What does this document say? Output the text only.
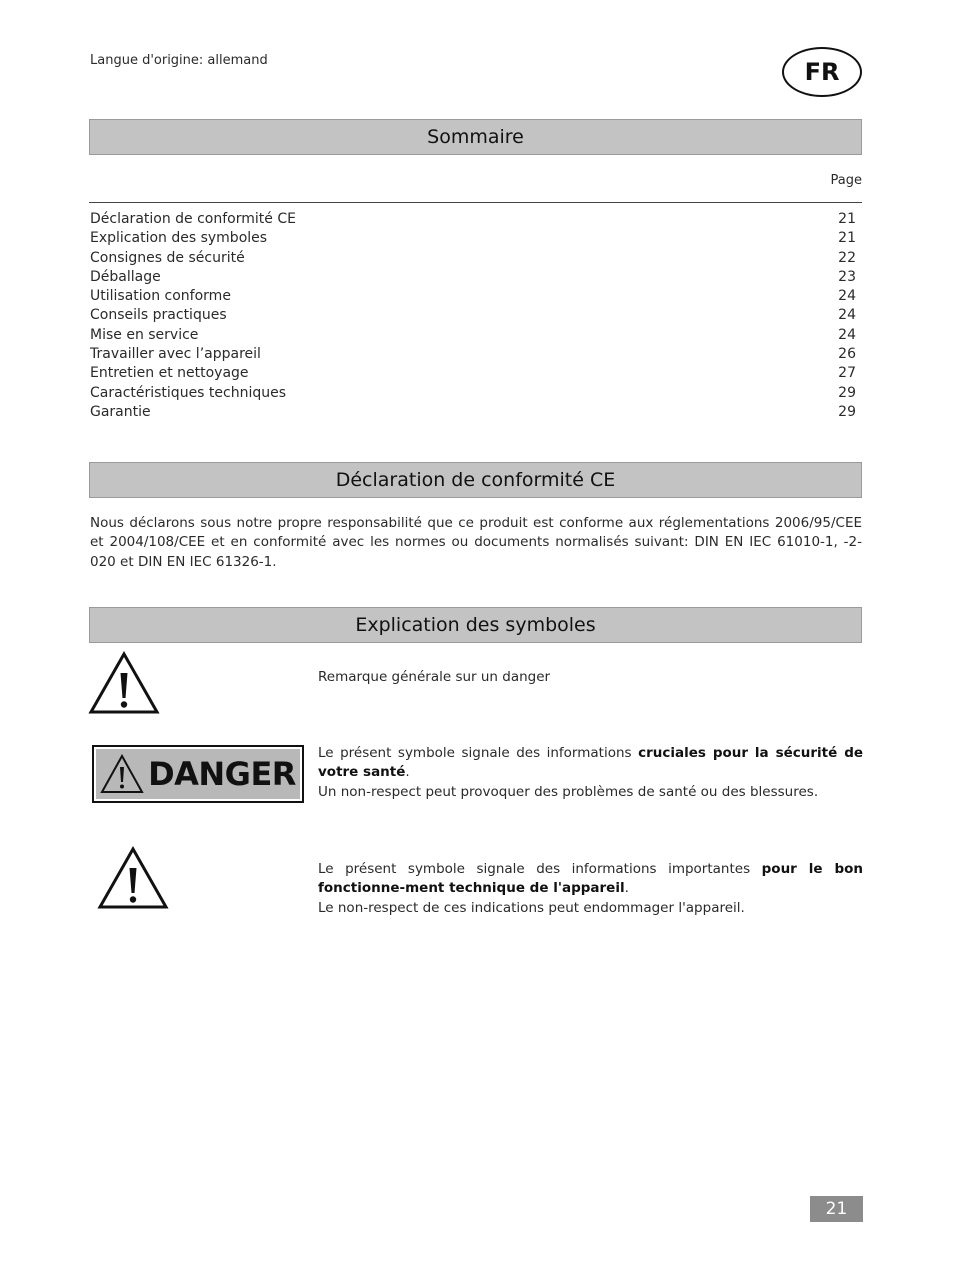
Langue d'origine: allemand	FR
Sommaire
Page
Déclaration de conformité CE	21
Explication des symboles	21
Consignes de sécurité	22
Déballage	23
Utilisation conforme	24
Conseils practiques	24
Mise en service	24
Travailler avec l’appareil	26
Entretien et nettoyage	27
Caractéristiques techniques	29
Garantie	29
Déclaration de conformité CE
Nous déclarons sous notre propre responsabilité que ce produit est conforme aux réglementations 2006/95/CEE et 2004/108/CEE et en conformité avec les normes ou documents normalisés suivant: DIN EN IEC 61010-1, -2-020 et DIN EN IEC 61326-1.
Explication des symboles
Remarque générale sur un danger
DANGER
Le présent symbole signale des informations cruciales pour la sécurité de votre santé.
Un non-respect peut provoquer des problèmes de santé ou des blessures.
Le présent symbole signale des informations importantes pour le bon fonctionne-ment technique de l'appareil.
Le non-respect de ces indications peut endommager l'appareil.
21
